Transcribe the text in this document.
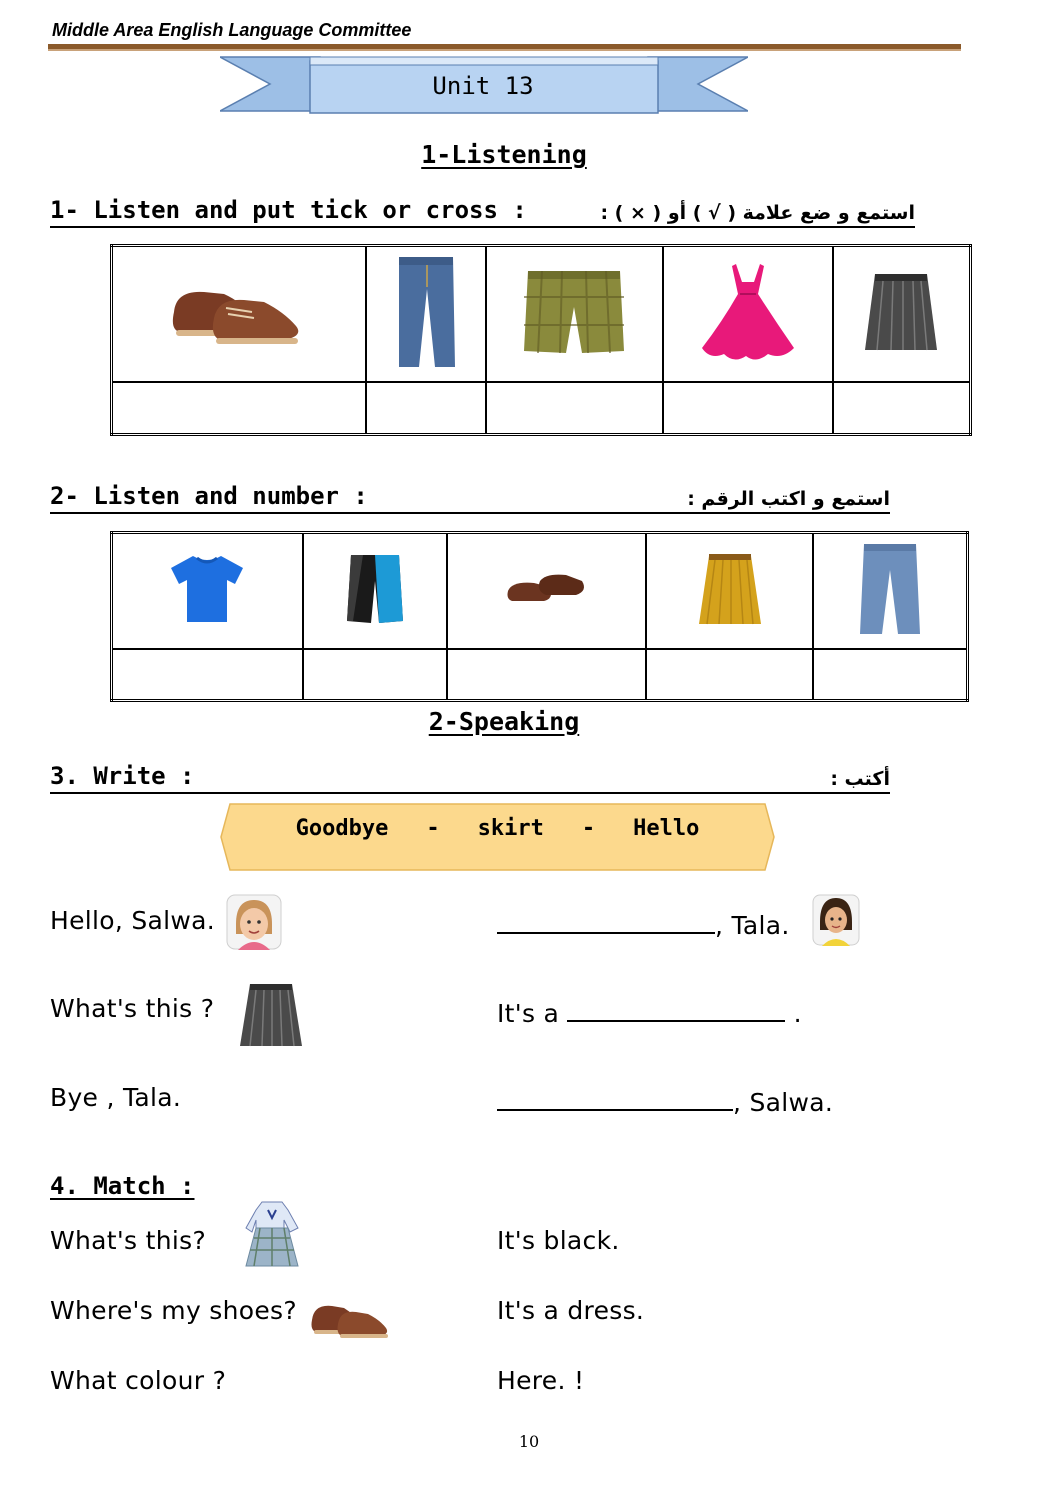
Middle Area English Language Committee
Unit 13
1-Listening
1- Listen and put tick or cross :	استمع و ضع علامة ( √ ) أو ( × ) :

2- Listen and number :	استمع و اكتب الرقم :

2-Speaking
3. Write :	أكتب :
Goodbye - skirt - Hello
Hello, Salwa.	, Tala.
What's this ?	It's a	.
Bye , Tala.	, Salwa.
4. Match :
What's this?	It's black.
Where's my shoes?	It's a dress.
What colour ?	Here. !
10
